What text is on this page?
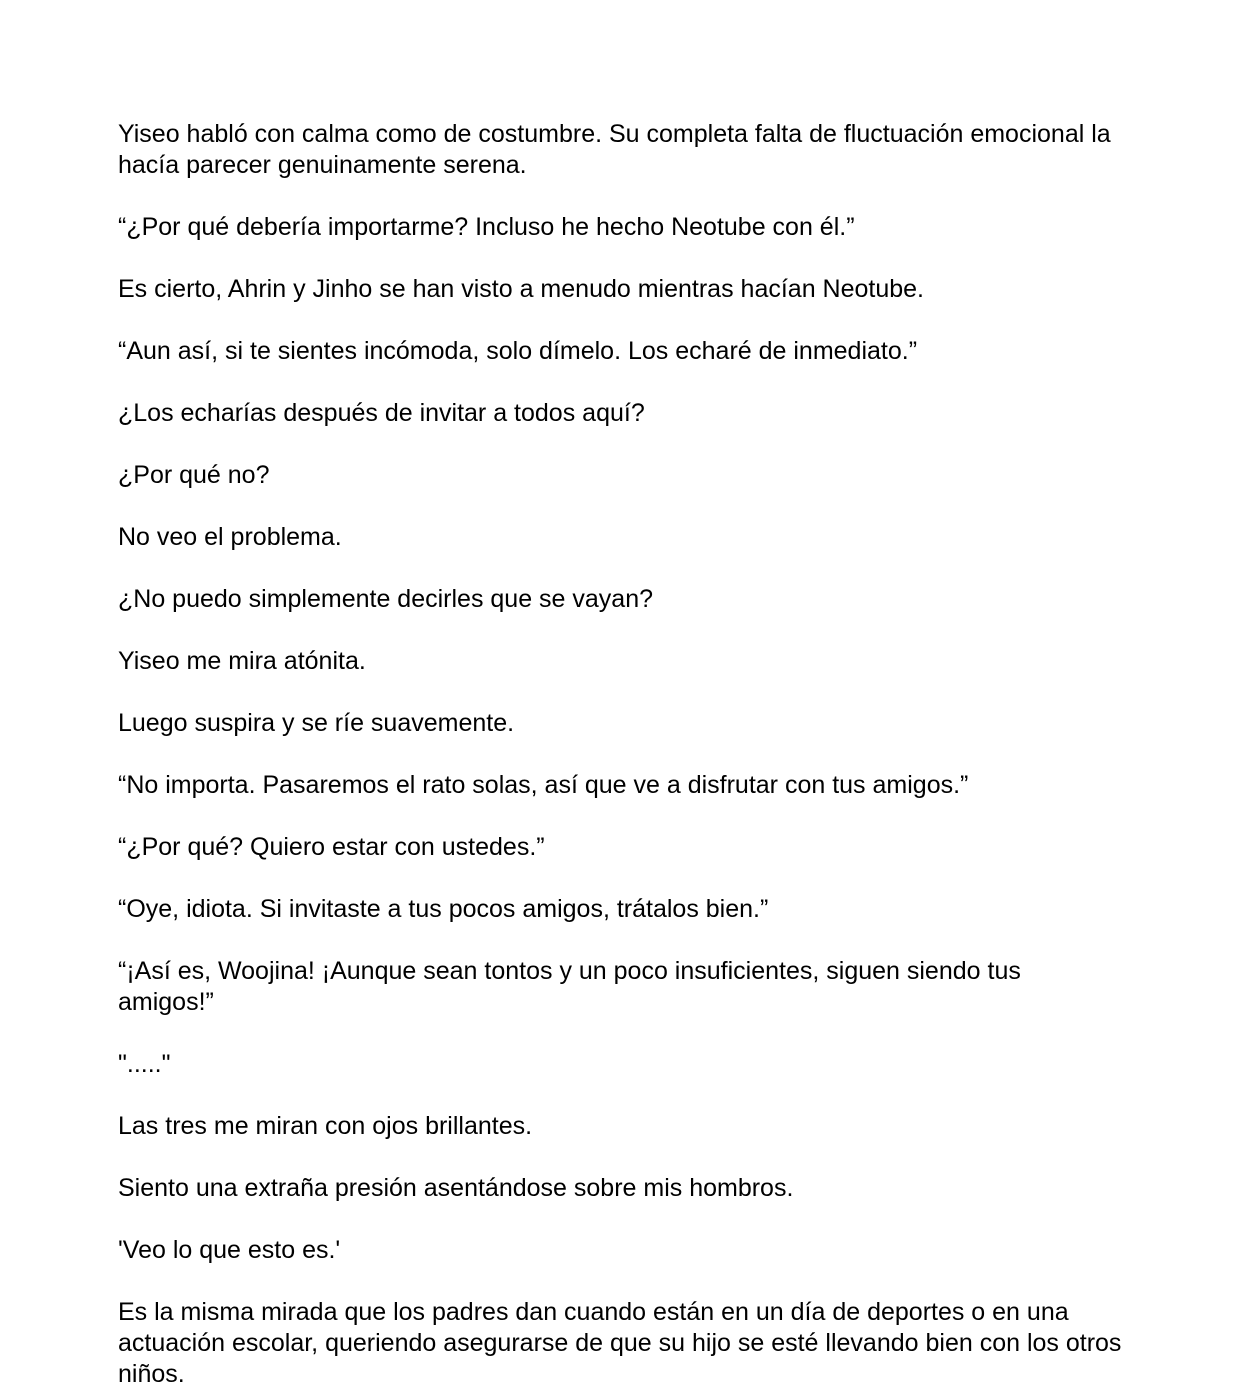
Yiseo habló con calma como de costumbre. Su completa falta de fluctuación emocional la hacía parecer genuinamente serena.

“¿Por qué debería importarme? Incluso he hecho Neotube con él.”

Es cierto, Ahrin y Jinho se han visto a menudo mientras hacían Neotube.

“Aun así, si te sientes incómoda, solo dímelo. Los echaré de inmediato.”

¿Los echarías después de invitar a todos aquí?

¿Por qué no?

No veo el problema.

¿No puedo simplemente decirles que se vayan?

Yiseo me mira atónita.

Luego suspira y se ríe suavemente.

“No importa. Pasaremos el rato solas, así que ve a disfrutar con tus amigos.”

“¿Por qué? Quiero estar con ustedes.”

“Oye, idiota. Si invitaste a tus pocos amigos, trátalos bien.”

“¡Así es, Woojina! ¡Aunque sean tontos y un poco insuficientes, siguen siendo tus amigos!”

"....."

Las tres me miran con ojos brillantes.

Siento una extraña presión asentándose sobre mis hombros.

'Veo lo que esto es.'

Es la misma mirada que los padres dan cuando están en un día de deportes o en una actuación escolar, queriendo asegurarse de que su hijo se esté llevando bien con los otros niños.
